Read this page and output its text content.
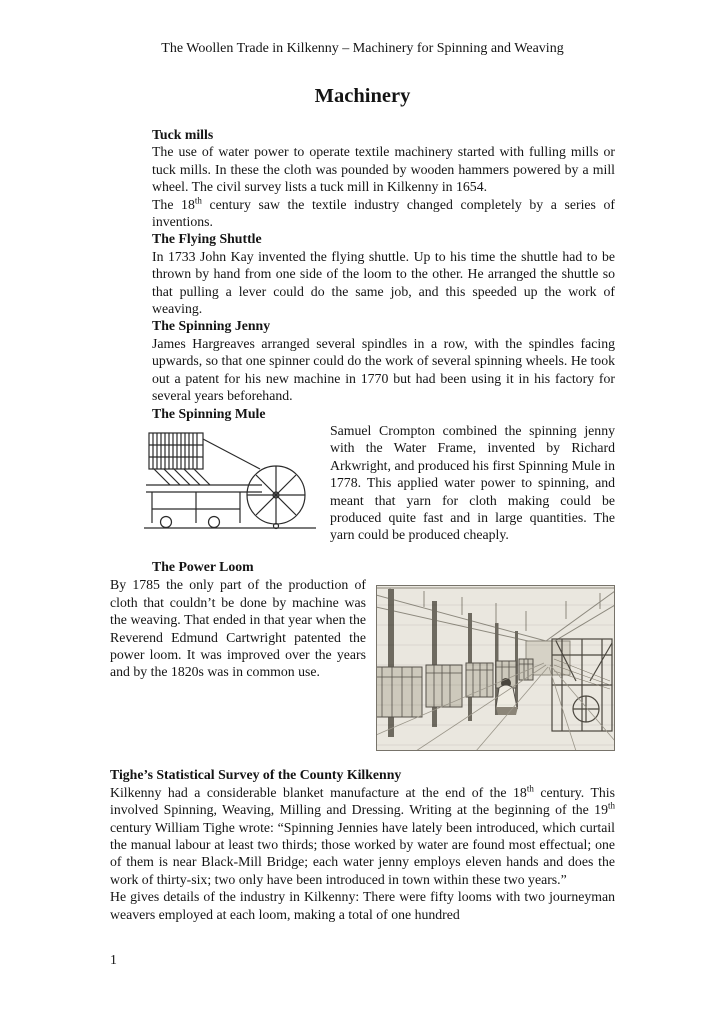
The Woollen Trade in Kilkenny – Machinery for Spinning and Weaving
Machinery
Tuck mills

The use of water power to operate textile machinery started with fulling mills or tuck mills. In these the cloth was pounded by wooden hammers powered by a mill wheel. The civil survey lists a tuck mill in Kilkenny in 1654.

The 18th century saw the textile industry changed completely by a series of inventions.

The Flying Shuttle

In 1733 John Kay invented the flying shuttle. Up to his time the shuttle had to be thrown by hand from one side of the loom to the other. He arranged the shuttle so that pulling a lever could do the same job, and this speeded up the work of weaving.

The Spinning Jenny

James Hargreaves arranged several spindles in a row, with the spindles facing upwards, so that one spinner could do the work of several spinning wheels. He took out a patent for his new machine in 1770 but had been using it in his factory for several years beforehand.

The Spinning Mule

Samuel Crompton combined the spinning jenny with the Water Frame, invented by Richard Arkwright, and produced his first Spinning Mule in 1778. This applied water power to spinning, and meant that yarn for cloth making could be produced quite fast and in large quantities. The yarn could be produced cheaply.

The Power Loom

By 1785 the only part of the production of cloth that couldn’t be done by machine was the weaving. That ended in that year when the Reverend Edmund Cartwright patented the power loom. It was improved over the years and by the 1820s was in common use.

Tighe’s Statistical Survey of the County Kilkenny

Kilkenny had a considerable blanket manufacture at the end of the 18th century. This involved Spinning, Weaving, Milling and Dressing. Writing at the beginning of the 19th century William Tighe wrote: “Spinning Jennies have lately been introduced, which curtail the manual labour at least two thirds; those worked by water are found most effectual; one of them is near Black-Mill Bridge; each water jenny employs eleven hands and does the work of thirty-six; two only have been introduced in town within these two years.”

He gives details of the industry in Kilkenny: There were fifty looms with two journeyman weavers employed at each loom, making a total of one hundred

1
